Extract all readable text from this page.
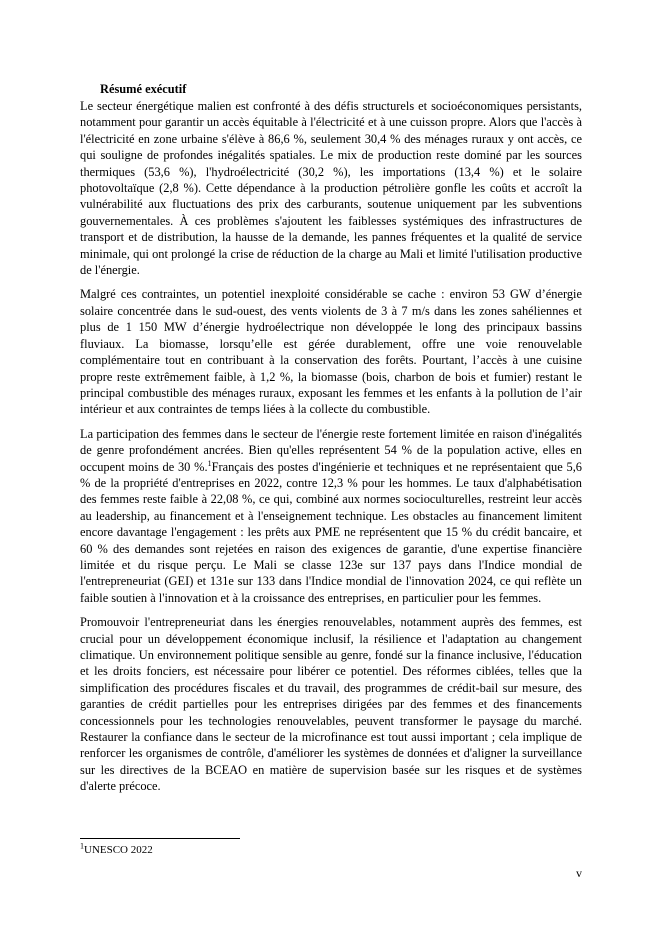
Résumé exécutif

Le secteur énergétique malien est confronté à des défis structurels et socioéconomiques persistants, notamment pour garantir un accès équitable à l'électricité et à une cuisson propre. Alors que l'accès à l'électricité en zone urbaine s'élève à 86,6 %, seulement 30,4 % des ménages ruraux y ont accès, ce qui souligne de profondes inégalités spatiales. Le mix de production reste dominé par les sources thermiques (53,6 %), l'hydroélectricité (30,2 %), les importations (13,4 %) et le solaire photovoltaïque (2,8 %). Cette dépendance à la production pétrolière gonfle les coûts et accroît la vulnérabilité aux fluctuations des prix des carburants, soutenue uniquement par les subventions gouvernementales. À ces problèmes s'ajoutent les faiblesses systémiques des infrastructures de transport et de distribution, la hausse de la demande, les pannes fréquentes et la qualité de service minimale, qui ont prolongé la crise de réduction de la charge au Mali et limité l'utilisation productive de l'énergie.

Malgré ces contraintes, un potentiel inexploité considérable se cache : environ 53 GW d’énergie solaire concentrée dans le sud-ouest, des vents violents de 3 à 7 m/s dans les zones sahéliennes et plus de 1 150 MW d’énergie hydroélectrique non développée le long des principaux bassins fluviaux. La biomasse, lorsqu’elle est gérée durablement, offre une voie renouvelable complémentaire tout en contribuant à la conservation des forêts. Pourtant, l’accès à une cuisine propre reste extrêmement faible, à 1,2 %, la biomasse (bois, charbon de bois et fumier) restant le principal combustible des ménages ruraux, exposant les femmes et les enfants à la pollution de l’air intérieur et aux contraintes de temps liées à la collecte du combustible.

La participation des femmes dans le secteur de l'énergie reste fortement limitée en raison d'inégalités de genre profondément ancrées. Bien qu'elles représentent 54 % de la population active, elles en occupent moins de 30 %.$^1$Français des postes d'ingénierie et techniques et ne représentaient que 5,6 % de la propriété d'entreprises en 2022, contre 12,3 % pour les hommes. Le taux d'alphabétisation des femmes reste faible à 22,08 %, ce qui, combiné aux normes socioculturelles, restreint leur accès au leadership, au financement et à l'enseignement technique. Les obstacles au financement limitent encore davantage l'engagement : les prêts aux PME ne représentent que 15 % du crédit bancaire, et 60 % des demandes sont rejetées en raison des exigences de garantie, d'une expertise financière limitée et du risque perçu. Le Mali se classe 123e sur 137 pays dans l'Indice mondial de l'entrepreneuriat (GEI) et 131e sur 133 dans l'Indice mondial de l'innovation 2024, ce qui reflète un faible soutien à l'innovation et à la croissance des entreprises, en particulier pour les femmes.

Promouvoir l'entrepreneuriat dans les énergies renouvelables, notamment auprès des femmes, est crucial pour un développement économique inclusif, la résilience et l'adaptation au changement climatique. Un environnement politique sensible au genre, fondé sur la finance inclusive, l'éducation et les droits fonciers, est nécessaire pour libérer ce potentiel. Des réformes ciblées, telles que la simplification des procédures fiscales et du travail, des programmes de crédit-bail sur mesure, des garanties de crédit partielles pour les entreprises dirigées par des femmes et des financements concessionnels pour les technologies renouvelables, peuvent transformer le paysage du marché. Restaurer la confiance dans le secteur de la microfinance est tout aussi important ; cela implique de renforcer les organismes de contrôle, d'améliorer les systèmes de données et d'aligner la surveillance sur les directives de la BCEAO en matière de supervision basée sur les risques et de systèmes d'alerte précoce.

$^1$UNESCO 2022
v
